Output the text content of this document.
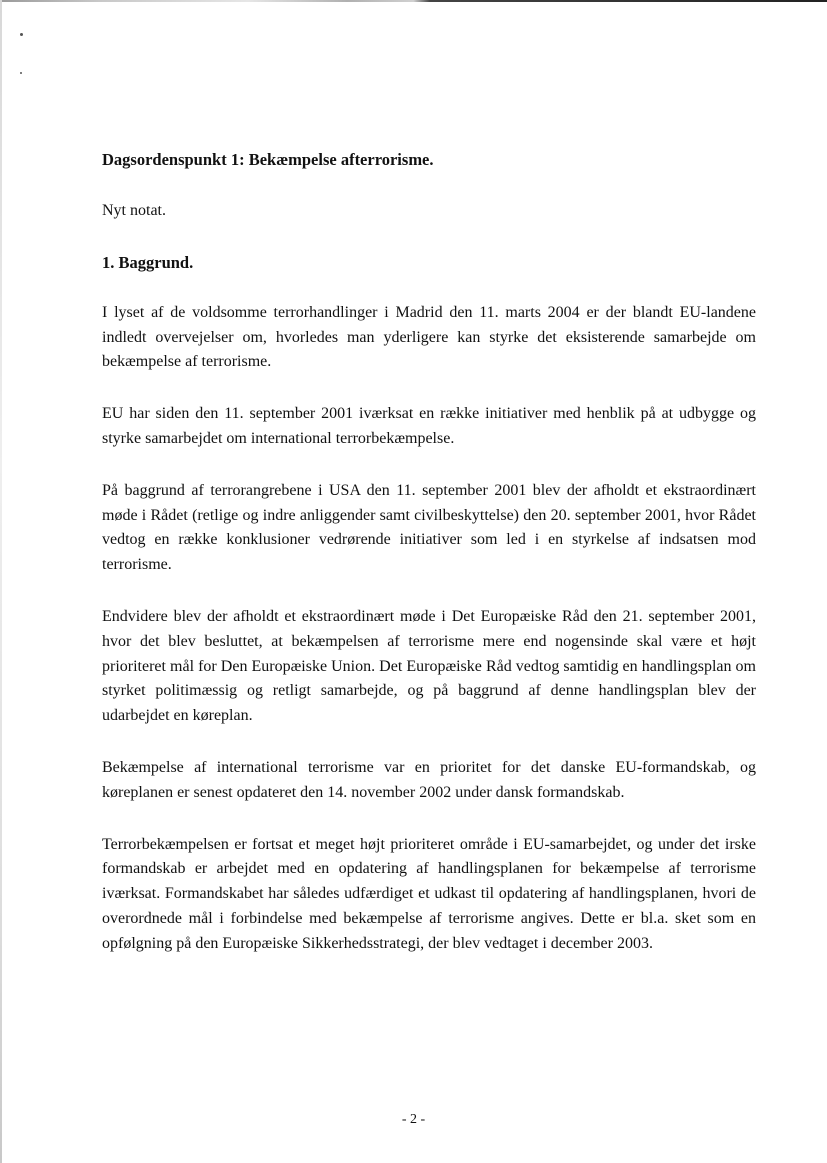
Dagsordenspunkt 1: Bekæmpelse afterrorisme.

Nyt notat.

1. Baggrund.

I lyset af de voldsomme terrorhandlinger i Madrid den 11. marts 2004 er der blandt EU-landene indledt overvejelser om, hvorledes man yderligere kan styrke det eksisterende samarbejde om bekæmpelse af terrorisme.

EU har siden den 11. september 2001 iværksat en række initiativer med henblik på at udbygge og styrke samarbejdet om international terrorbekæmpelse.

På baggrund af terrorangrebene i USA den 11. september 2001 blev der afholdt et ekstraordinært møde i Rådet (retlige og indre anliggender samt civilbeskyttelse) den 20. september 2001, hvor Rådet vedtog en række konklusioner vedrørende initiativer som led i en styrkelse af indsatsen mod terrorisme.

Endvidere blev der afholdt et ekstraordinært møde i Det Europæiske Råd den 21. september 2001, hvor det blev besluttet, at bekæmpelsen af terrorisme mere end nogensinde skal være et højt prioriteret mål for Den Europæiske Union. Det Europæiske Råd vedtog samtidig en handlingsplan om styrket politimæssig og retligt samarbejde, og på baggrund af denne handlingsplan blev der udarbejdet en køreplan.

Bekæmpelse af international terrorisme var en prioritet for det danske EU-formandskab, og køreplanen er senest opdateret den 14. november 2002 under dansk formandskab.

Terrorbekæmpelsen er fortsat et meget højt prioriteret område i EU-samarbejdet, og under det irske formandskab er arbejdet med en opdatering af handlingsplanen for bekæmpelse af terrorisme iværksat. Formandskabet har således udfærdiget et udkast til opdatering af handlingsplanen, hvori de overordnede mål i forbindelse med bekæmpelse af terrorisme angives. Dette er bl.a. sket som en opfølgning på den Europæiske Sikkerhedsstrategi, der blev vedtaget i december 2003.

- 2 -
